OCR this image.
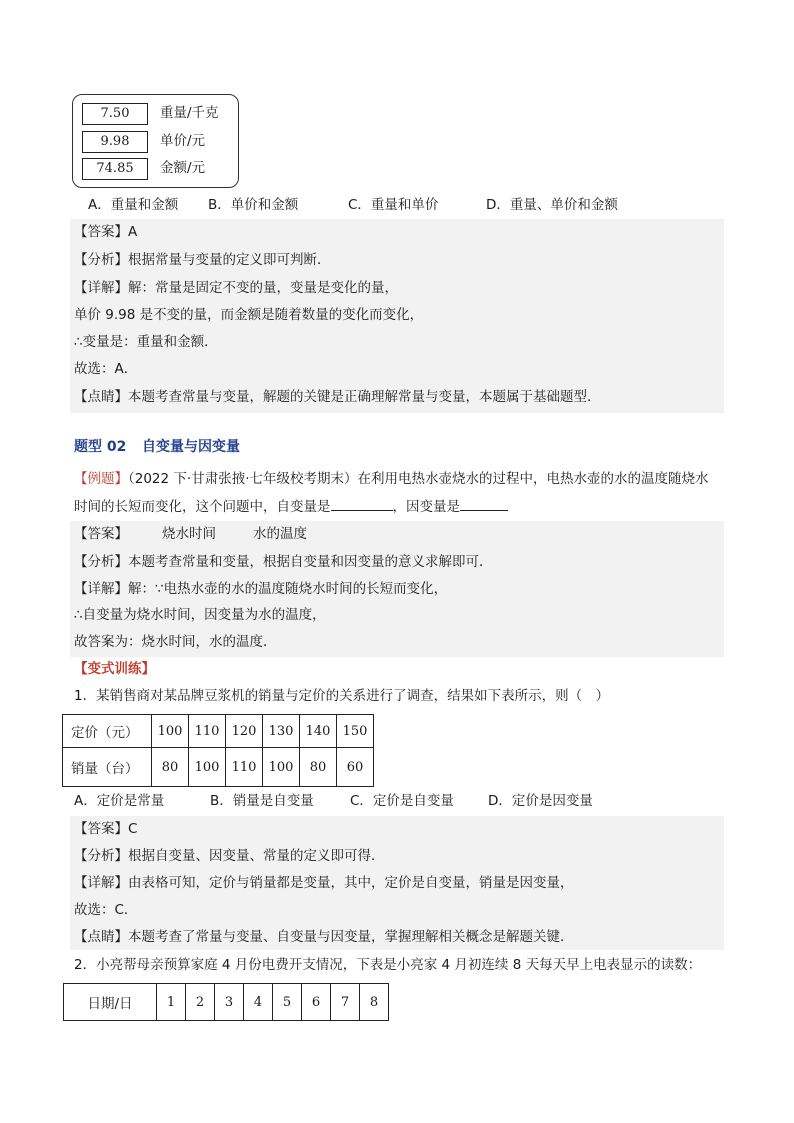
7.50	重量/千克
9.98	单价/元
74.85	金额/元
A．重量和金额 B．单价和金额	C．重量和单价	D．重量、单价和金额
【答案】A
【分析】根据常量与变量的定义即可判断．
【详解】解：常量是固定不变的量，变量是变化的量，
单价 9.98 是不变的量，而金额是随着数量的变化而变化，
∴变量是：重量和金额．
故选：A．
【点睛】本题考查常量与变量，解题的关键是正确理解常量与变量，本题属于基础题型．
题型 02 自变量与因变量
【例题】（2022 下·甘肃张掖·七年级校考期末）在利用电热水壶烧水的过程中，电热水壶的水的温度随烧水
时间的长短而变化，这个问题中，自变量是	，因变量是
【答案】	烧水时间	水的温度
【分析】本题考查常量和变量，根据自变量和因变量的意义求解即可．
【详解】解：∵电热水壶的水的温度随烧水时间的长短而变化，
∴自变量为烧水时间，因变量为水的温度，
故答案为：烧水时间，水的温度．
【变式训练】
1．某销售商对某品牌豆浆机的销量与定价的关系进行了调查，结果如下表所示，则（　）
定价（元）	100	110	120	130	140	150
销量（台）	80	100	110	100	80	60
A．定价是常量	B．销量是自变量	C．定价是自变量	D．定价是因变量
【答案】C
【分析】根据自变量、因变量、常量的定义即可得．
【详解】由表格可知，定价与销量都是变量，其中，定价是自变量，销量是因变量，
故选：C．
【点睛】本题考查了常量与变量、自变量与因变量，掌握理解相关概念是解题关键．
2．小亮帮母亲预算家庭 4 月份电费开支情况，下表是小亮家 4 月初连续 8 天每天早上电表显示的读数：
日期/日	1	2	3	4	5	6	7	8
